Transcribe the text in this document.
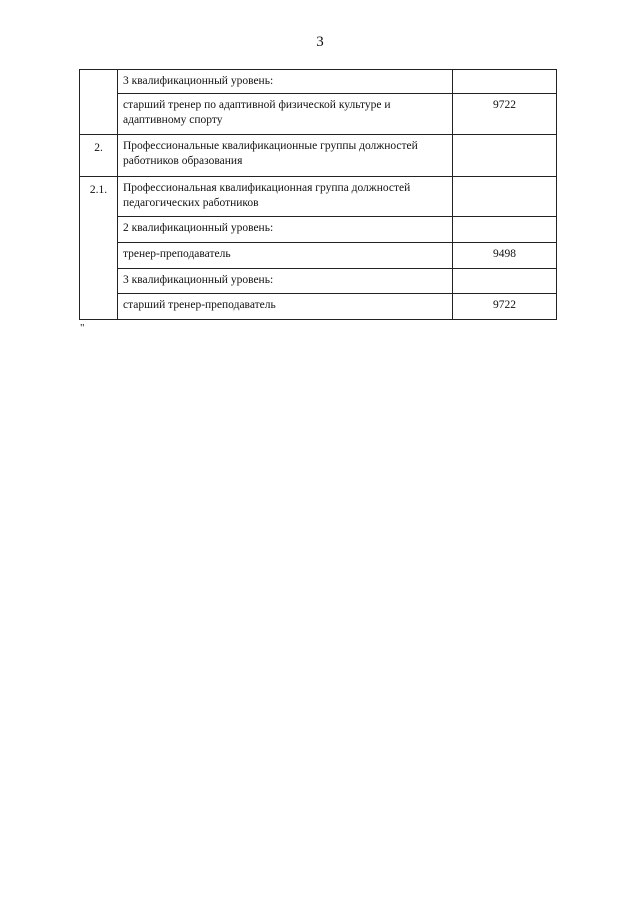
3
	3 квалификационный уровень:	
	старший тренер по адаптивной физической культуре и адаптивному спорту	9722
2.	Профессиональные квалификационные группы должностей работников образования	
2.1.	Профессиональная квалификационная группа должностей педагогических работников	
	2 квалификационный уровень:	
	тренер-преподаватель	9498
	3 квалификационный уровень:	
	старший тренер-преподаватель	9722
"
